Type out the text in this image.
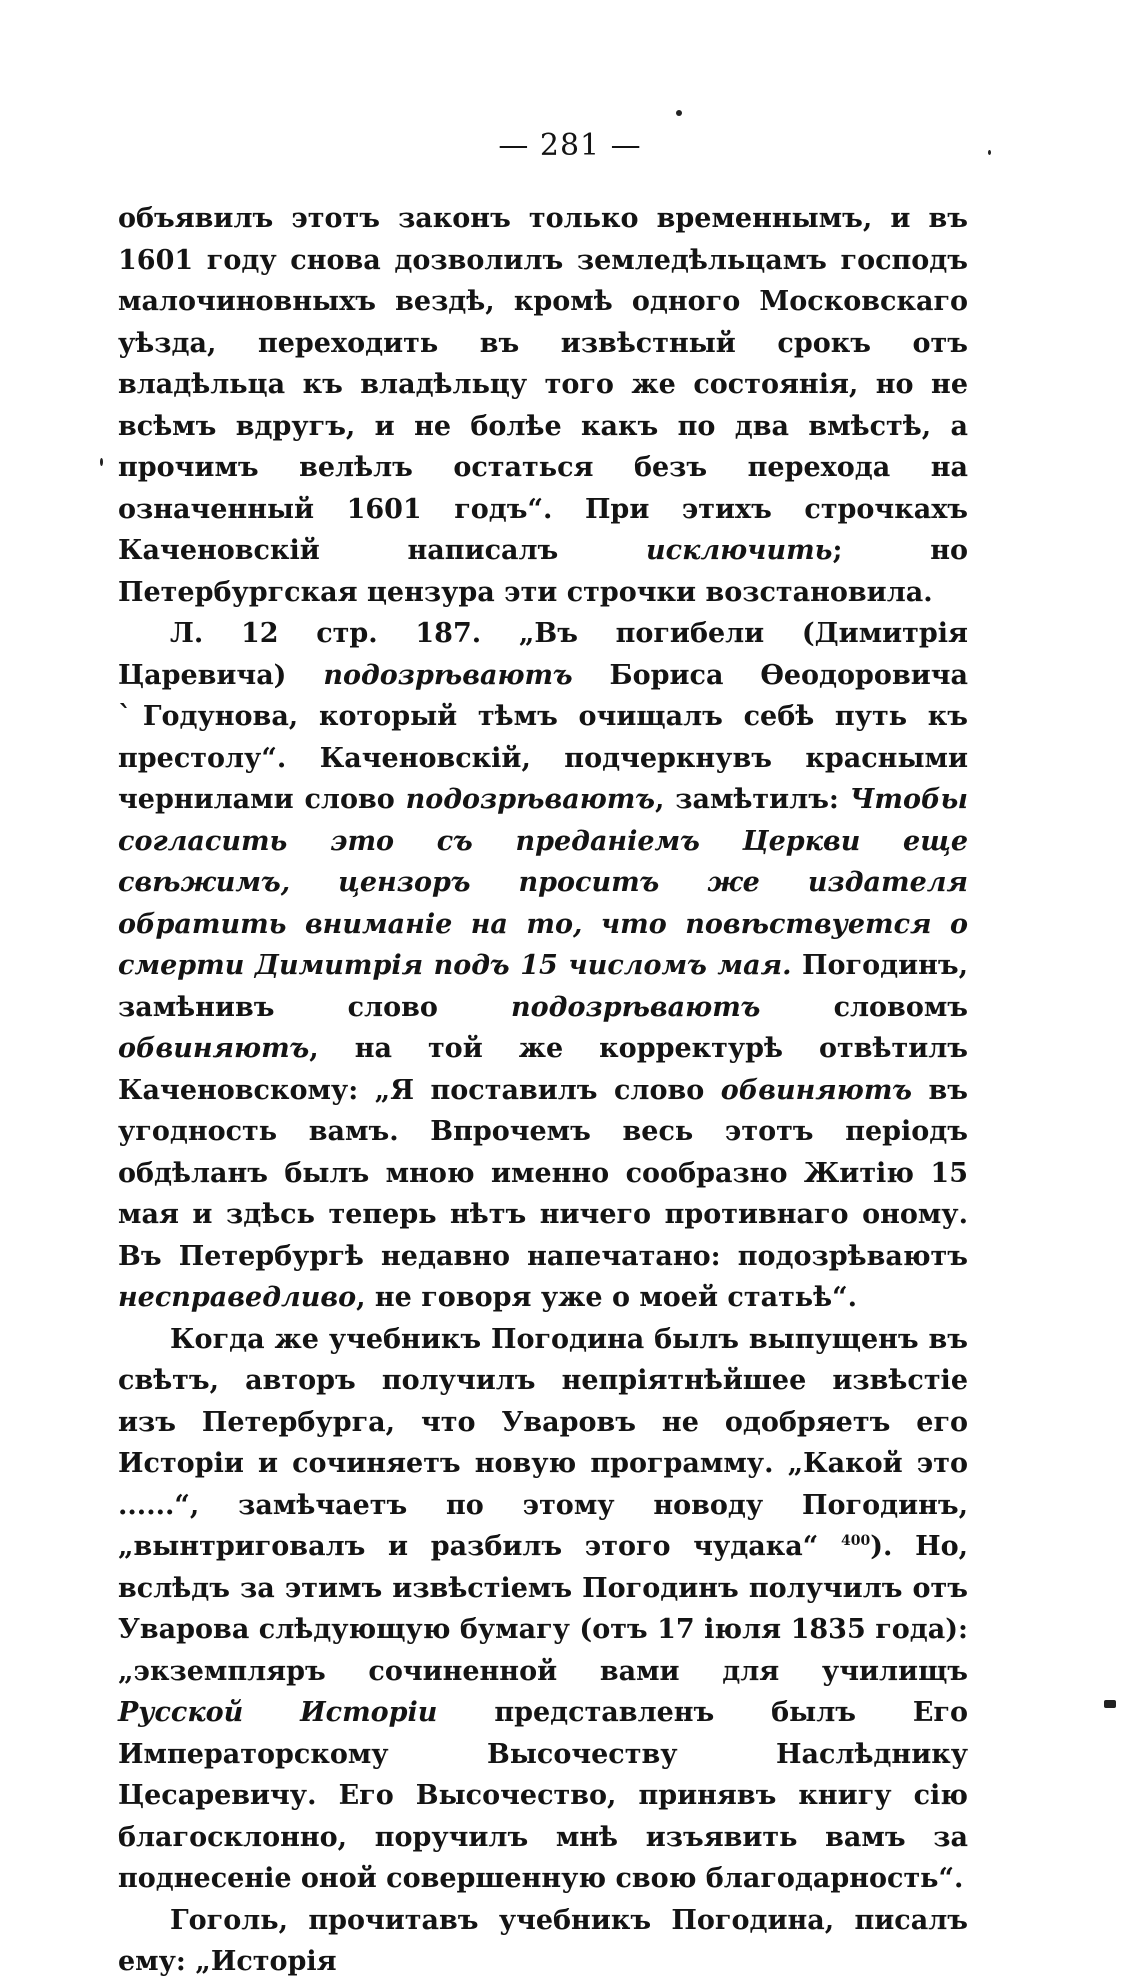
— 281 —

объявилъ этотъ законъ только временнымъ, и въ 1601 году снова дозволилъ земледѣльцамъ господъ малочиновныхъ вездѣ, кромѣ одного Московскаго уѣзда, переходить въ извѣстный срокъ отъ владѣльца къ владѣльцу того же состоянія, но не всѣмъ вдругъ, и не болѣе какъ по два вмѣстѣ, а прочимъ велѣлъ остаться безъ перехода на означенный 1601 годъ“. При этихъ строчкахъ Каченовскій написалъ исключить; но Петербургская цензура эти строчки возстановила.

Л. 12 стр. 187. „Въ погибели (Димитрія Царевича) подозрѣваютъ Бориса Ѳеодоровича ˋГодунова, который тѣмъ очищалъ себѣ путь къ престолу“. Каченовскій, подчеркнувъ красными чернилами слово подозрѣваютъ, замѣтилъ: Чтобы согласить это съ преданіемъ Церкви еще свѣжимъ, цензоръ проситъ же издателя обратить вниманіе на то, что повѣствуется о смерти Димитрія подъ 15 числомъ мая. Погодинъ, замѣнивъ слово подозрѣваютъ словомъ обвиняютъ, на той же корректурѣ отвѣтилъ Каченовскому: „Я поставилъ слово обвиняютъ въ угодность вамъ. Впрочемъ весь этотъ періодъ обдѣланъ былъ мною именно сообразно Житію 15 мая и здѣсь теперь нѣтъ ничего противнаго оному. Въ Петербургѣ недавно напечатано: подозрѣваютъ несправедливо, не говоря уже о моей статьѣ“.

Когда же учебникъ Погодина былъ выпущенъ въ свѣтъ, авторъ получилъ непріятнѣйшее извѣстіе изъ Петербурга, что Уваровъ не одобряетъ его Исторіи и сочиняетъ новую программу. „Какой это ......“, замѣчаетъ по этому новоду Погодинъ, „вынтриговалъ и разбилъ этого чудака“ $^{400}$). Но, вслѣдъ за этимъ извѣстіемъ Погодинъ получилъ отъ Уварова слѣдующую бумагу (отъ 17 іюля 1835 года): „экземпляръ сочиненной вами для училищъ Русской Исторіи представленъ былъ Его Императорскому Высочеству Наслѣднику Цесаревичу. Его Высочество, принявъ книгу сію благосклонно, поручилъ мнѣ изъявить вамъ за поднесеніе оной совершенную свою благодарность“.

Гоголь, прочитавъ учебникъ Погодина, писалъ ему: „Исторія
